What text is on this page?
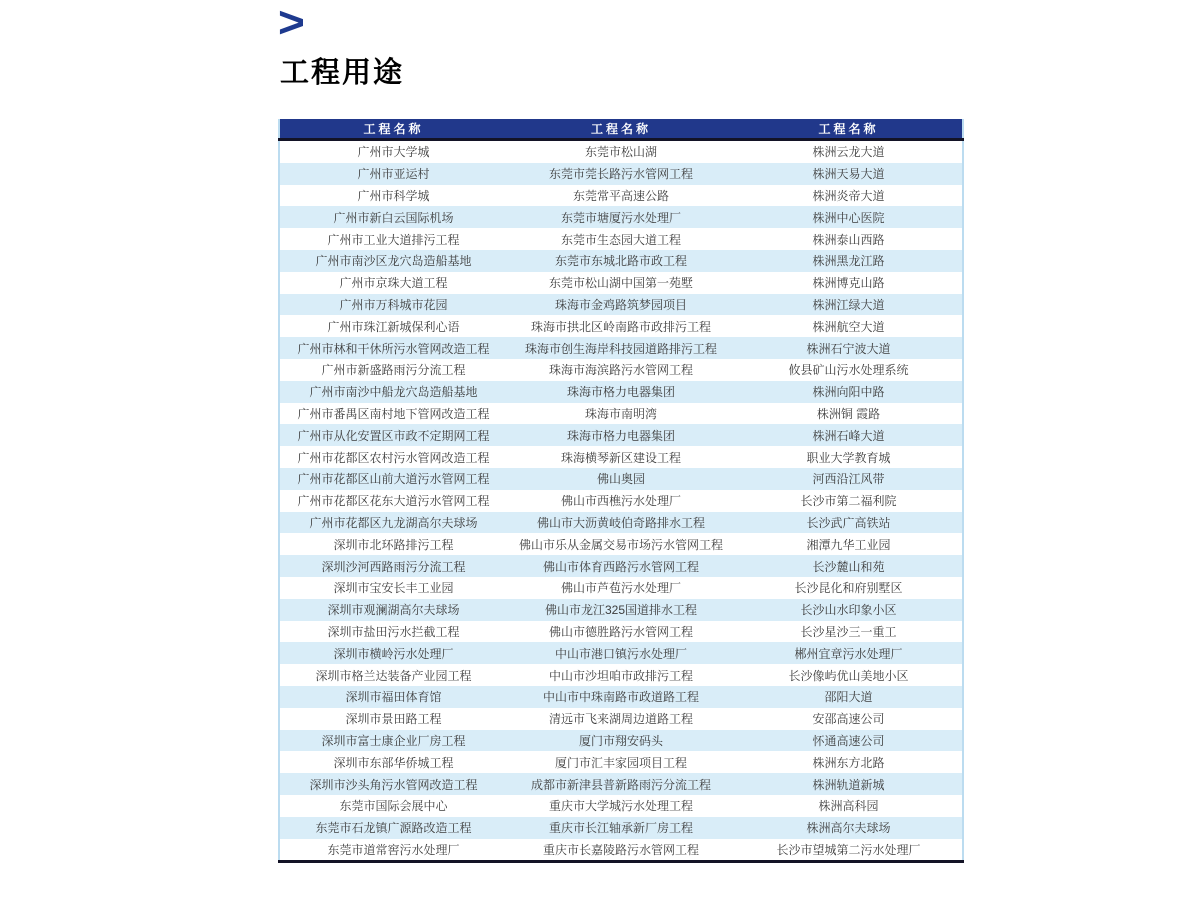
>
工程用途
工程名称	工程名称	工程名称
广州市大学城	东莞市松山湖	株洲云龙大道
广州市亚运村	东莞市莞长路污水管网工程	株洲天易大道
广州市科学城	东莞常平高速公路	株洲炎帝大道
广州市新白云国际机场	东莞市塘厦污水处理厂	株洲中心医院
广州市工业大道排污工程	东莞市生态园大道工程	株洲泰山西路
广州市南沙区龙穴岛造船基地	东莞市东城北路市政工程	株洲黑龙江路
广州市京珠大道工程	东莞市松山湖中国第一苑墅	株洲博克山路
广州市万科城市花园	珠海市金鸡路筑梦园项目	株洲江绿大道
广州市珠江新城保利心语	珠海市拱北区岭南路市政排污工程	株洲航空大道
广州市林和干休所污水管网改造工程	珠海市创生海岸科技园道路排污工程	株洲石宁波大道
广州市新盛路雨污分流工程	珠海市海滨路污水管网工程	攸县矿山污水处理系统
广州市南沙中船龙穴岛造船基地	珠海市格力电器集团	株洲向阳中路
广州市番禺区南村地下管网改造工程	珠海市南明湾	株洲铜 霞路
广州市从化安置区市政不定期网工程	珠海市格力电器集团	株洲石峰大道
广州市花都区农村污水管网改造工程	珠海横琴新区建设工程	职业大学教育城
广州市花都区山前大道污水管网工程	佛山奥园	河西沿江风带
广州市花都区花东大道污水管网工程	佛山市西樵污水处理厂	长沙市第二福利院
广州市花都区九龙湖高尔夫球场	佛山市大沥黄岐伯奇路排水工程	长沙武广高铁站
深圳市北环路排污工程	佛山市乐从金属交易市场污水管网工程	湘潭九华工业园
深圳沙河西路雨污分流工程	佛山市体育西路污水管网工程	长沙麓山和苑
深圳市宝安长丰工业园	佛山市芦苞污水处理厂	长沙昆化和府别墅区
深圳市观澜湖高尔夫球场	佛山市龙江325国道排水工程	长沙山水印象小区
深圳市盐田污水拦截工程	佛山市德胜路污水管网工程	长沙星沙三一重工
深圳市横岭污水处理厂	中山市港口镇污水处理厂	郴州宜章污水处理厂
深圳市格兰达装备产业园工程	中山市沙坦咱市政排污工程	长沙像屿优山美地小区
深圳市福田体育馆	中山市中珠南路市政道路工程	邵阳大道
深圳市景田路工程	清远市飞来湖周边道路工程	安邵高速公司
深圳市富士康企业厂房工程	厦门市翔安码头	怀通高速公司
深圳市东部华侨城工程	厦门市汇丰家园项目工程	株洲东方北路
深圳市沙头角污水管网改造工程	成都市新津县普新路雨污分流工程	株洲轨道新城
东莞市国际会展中心	重庆市大学城污水处理工程	株洲高科园
东莞市石龙镇广源路改造工程	重庆市长江轴承新厂房工程	株洲高尔夫球场
东莞市道常窖污水处理厂	重庆市长嘉陵路污水管网工程	长沙市望城第二污水处理厂
